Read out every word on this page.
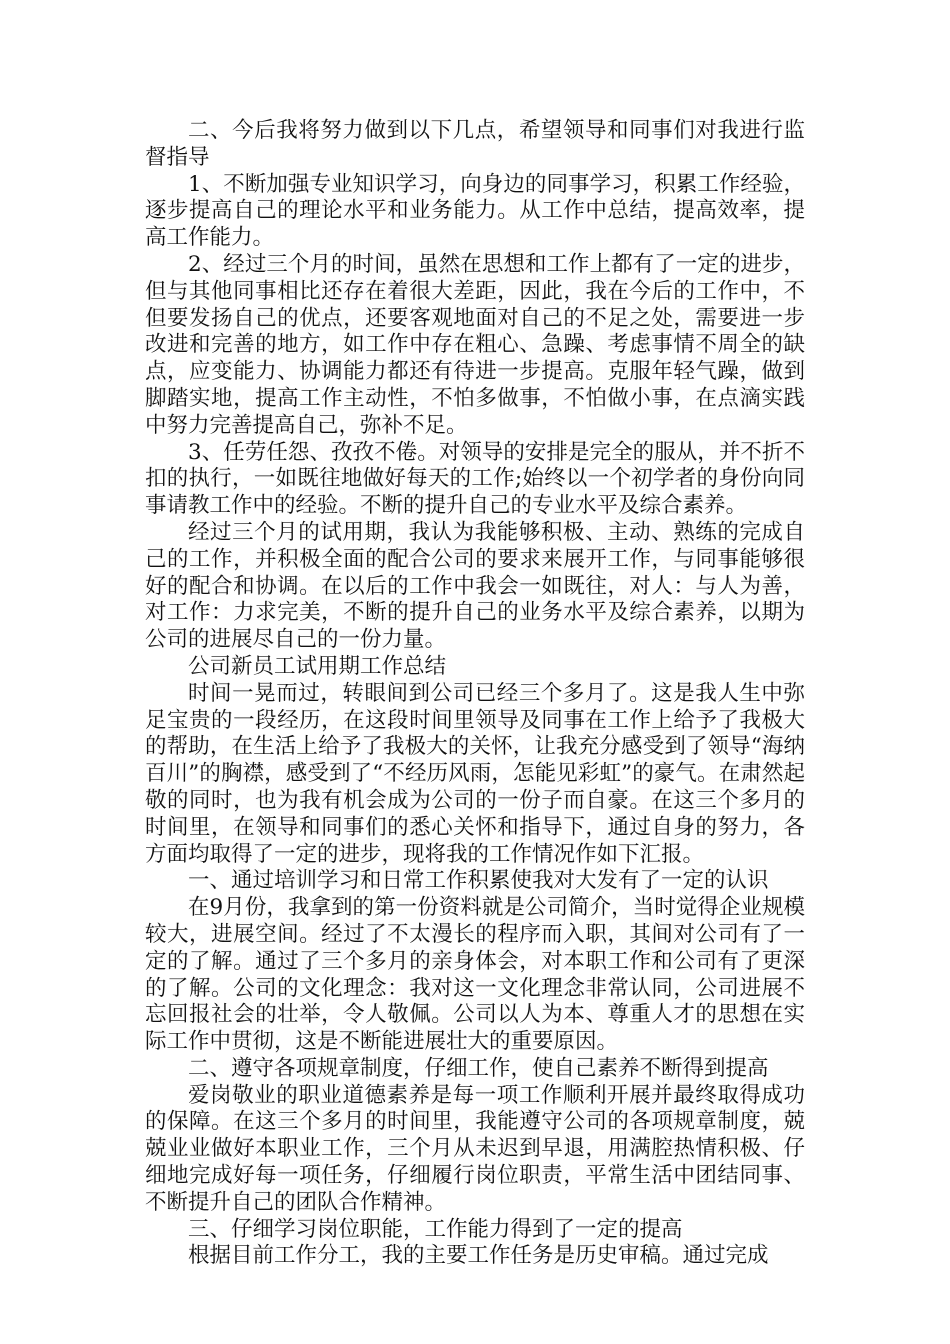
二、今后我将努力做到以下几点，希望领导和同事们对我进行监督指导

1、不断加强专业知识学习，向身边的同事学习，积累工作经验，逐步提高自己的理论水平和业务能力。从工作中总结，提高效率，提高工作能力。

2、经过三个月的时间，虽然在思想和工作上都有了一定的进步，但与其他同事相比还存在着很大差距，因此，我在今后的工作中，不但要发扬自己的优点，还要客观地面对自己的不足之处，需要进一步改进和完善的地方，如工作中存在粗心、急躁、考虑事情不周全的缺点，应变能力、协调能力都还有待进一步提高。克服年轻气躁，做到脚踏实地，提高工作主动性，不怕多做事，不怕做小事，在点滴实践中努力完善提高自己，弥补不足。

3、任劳任怨、孜孜不倦。对领导的安排是完全的服从，并不折不扣的执行，一如既往地做好每天的工作;始终以一个初学者的身份向同事请教工作中的经验。不断的提升自己的专业水平及综合素养。

经过三个月的试用期，我认为我能够积极、主动、熟练的完成自己的工作，并积极全面的配合公司的要求来展开工作，与同事能够很好的配合和协调。在以后的工作中我会一如既往，对人：与人为善，对工作：力求完美，不断的提升自己的业务水平及综合素养，以期为公司的进展尽自己的一份力量。

公司新员工试用期工作总结

时间一晃而过，转眼间到公司已经三个多月了。这是我人生中弥足宝贵的一段经历，在这段时间里领导及同事在工作上给予了我极大的帮助，在生活上给予了我极大的关怀，让我充分感受到了领导“海纳百川”的胸襟，感受到了“不经历风雨，怎能见彩虹”的豪气。在肃然起敬的同时，也为我有机会成为公司的一份子而自豪。在这三个多月的时间里，在领导和同事们的悉心关怀和指导下，通过自身的努力，各方面均取得了一定的进步，现将我的工作情况作如下汇报。

一、通过培训学习和日常工作积累使我对大发有了一定的认识

在9月份，我拿到的第一份资料就是公司简介，当时觉得企业规模较大，进展空间。经过了不太漫长的程序而入职，其间对公司有了一定的了解。通过了三个多月的亲身体会，对本职工作和公司有了更深的了解。公司的文化理念：我对这一文化理念非常认同，公司进展不忘回报社会的壮举，令人敬佩。公司以人为本、尊重人才的思想在实际工作中贯彻，这是不断能进展壮大的重要原因。

二、遵守各项规章制度，仔细工作，使自己素养不断得到提高

爱岗敬业的职业道德素养是每一项工作顺利开展并最终取得成功的保障。在这三个多月的时间里，我能遵守公司的各项规章制度，兢兢业业做好本职业工作，三个月从未迟到早退，用满腔热情积极、仔细地完成好每一项任务，仔细履行岗位职责，平常生活中团结同事、不断提升自己的团队合作精神。

三、仔细学习岗位职能，工作能力得到了一定的提高

根据目前工作分工，我的主要工作任务是历史审稿。通过完成
